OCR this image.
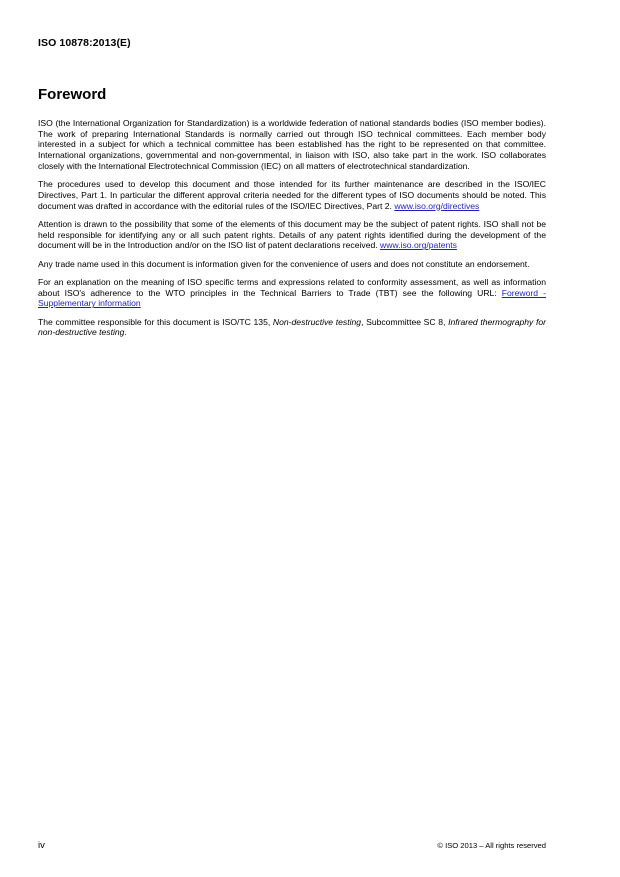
ISO 10878:2013(E)
Foreword

ISO (the International Organization for Standardization) is a worldwide federation of national standards bodies (ISO member bodies). The work of preparing International Standards is normally carried out through ISO technical committees. Each member body interested in a subject for which a technical committee has been established has the right to be represented on that committee. International organizations, governmental and non-governmental, in liaison with ISO, also take part in the work. ISO collaborates closely with the International Electrotechnical Commission (IEC) on all matters of electrotechnical standardization.

The procedures used to develop this document and those intended for its further maintenance are described in the ISO/IEC Directives, Part 1. In particular the different approval criteria needed for the different types of ISO documents should be noted. This document was drafted in accordance with the editorial rules of the ISO/IEC Directives, Part 2. www.iso.org/directives

Attention is drawn to the possibility that some of the elements of this document may be the subject of patent rights. ISO shall not be held responsible for identifying any or all such patent rights. Details of any patent rights identified during the development of the document will be in the Introduction and/or on the ISO list of patent declarations received. www.iso.org/patents

Any trade name used in this document is information given for the convenience of users and does not constitute an endorsement.

For an explanation on the meaning of ISO specific terms and expressions related to conformity assessment, as well as information about ISO's adherence to the WTO principles in the Technical Barriers to Trade (TBT) see the following URL: Foreword - Supplementary information

The committee responsible for this document is ISO/TC 135, Non-destructive testing, Subcommittee SC 8, Infrared thermography for non-destructive testing.

iv	© ISO 2013 – All rights reserved
